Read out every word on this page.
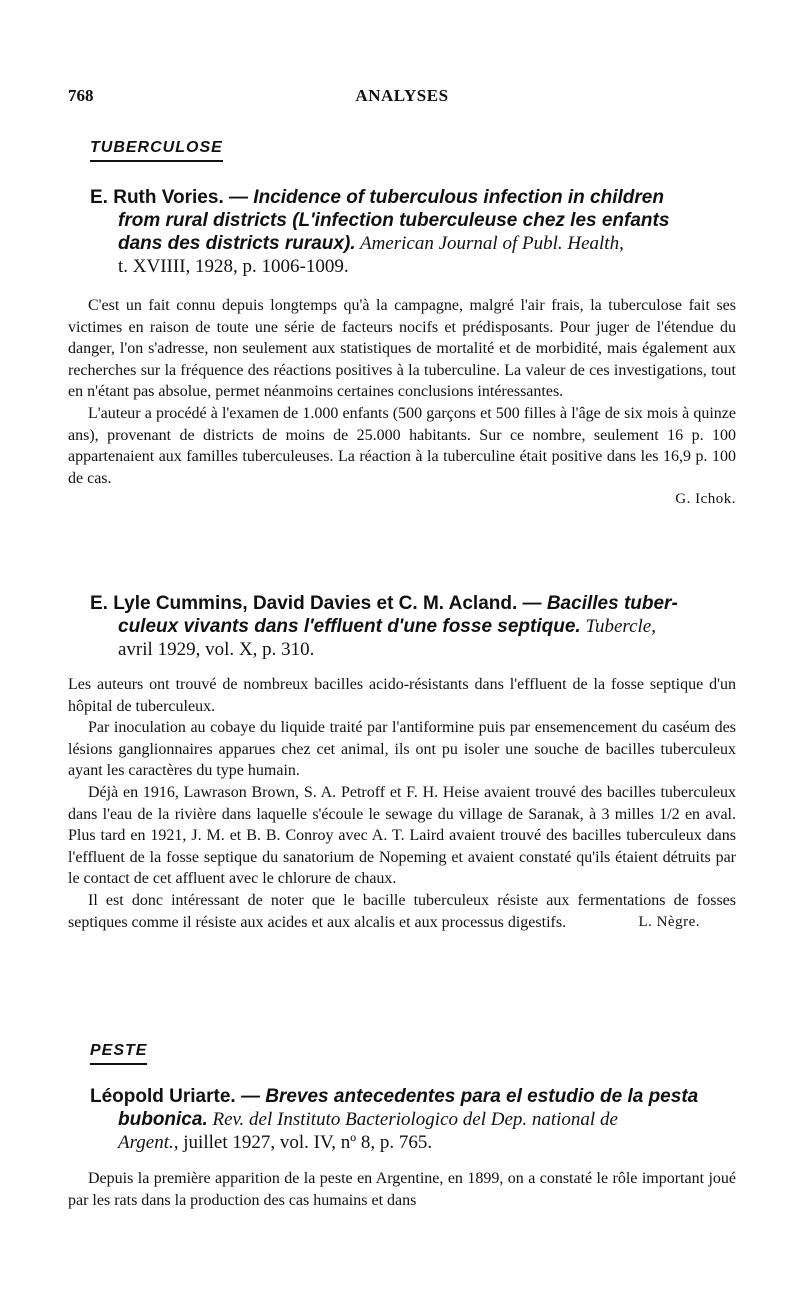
768	ANALYSES
TUBERCULOSE
E. Ruth Vories. — Incidence of tuberculous infection in children
from rural districts (L'infection tuberculeuse chez les enfants
dans des districts ruraux). American Journal of Publ. Health,
t. XVIIII, 1928, p. 1006-1009.

C'est un fait connu depuis longtemps qu'à la campagne, malgré l'air frais, la tuberculose fait ses victimes en raison de toute une série de facteurs nocifs et prédisposants. Pour juger de l'étendue du danger, l'on s'adresse, non seulement aux statistiques de mortalité et de morbidité, mais également aux recherches sur la fréquence des réactions positives à la tuberculine. La valeur de ces investigations, tout en n'étant pas absolue, permet néanmoins certaines conclusions intéressantes.

L'auteur a procédé à l'examen de 1.000 enfants (500 garçons et 500 filles à l'âge de six mois à quinze ans), provenant de districts de moins de 25.000 habitants. Sur ce nombre, seulement 16 p. 100 appartenaient aux familles tuberculeuses. La réaction à la tuberculine était positive dans les 16,9 p. 100 de cas.

G. Ichok.
E. Lyle Cummins, David Davies et C. M. Acland. — Bacilles tuber-
culeux vivants dans l'effluent d'une fosse septique. Tubercle,
avril 1929, vol. X, p. 310.

Les auteurs ont trouvé de nombreux bacilles acido-résistants dans l'effluent de la fosse septique d'un hôpital de tuberculeux.

Par inoculation au cobaye du liquide traité par l'antiformine puis par ensemencement du caséum des lésions ganglionnaires apparues chez cet animal, ils ont pu isoler une souche de bacilles tuberculeux ayant les caractères du type humain.

Déjà en 1916, Lawrason Brown, S. A. Petroff et F. H. Heise avaient trouvé des bacilles tuberculeux dans l'eau de la rivière dans laquelle s'écoule le sewage du village de Saranak, à 3 milles 1/2 en aval. Plus tard en 1921, J. M. et B. B. Conroy avec A. T. Laird avaient trouvé des bacilles tuberculeux dans l'effluent de la fosse septique du sanatorium de Nopeming et avaient constaté qu'ils étaient détruits par le contact de cet affluent avec le chlorure de chaux.

Il est donc intéressant de noter que le bacille tuberculeux résiste aux fermentations de fosses septiques comme il résiste aux acides et aux alcalis et aux processus digestifs.	L. Nègre.
PESTE
Léopold Uriarte. — Breves antecedentes para el estudio de la pesta
bubonica. Rev. del Instituto Bacteriologico del Dep. national de
Argent., juillet 1927, vol. IV, nº 8, p. 765.

Depuis la première apparition de la peste en Argentine, en 1899, on a constaté le rôle important joué par les rats dans la production des cas humains et dans
